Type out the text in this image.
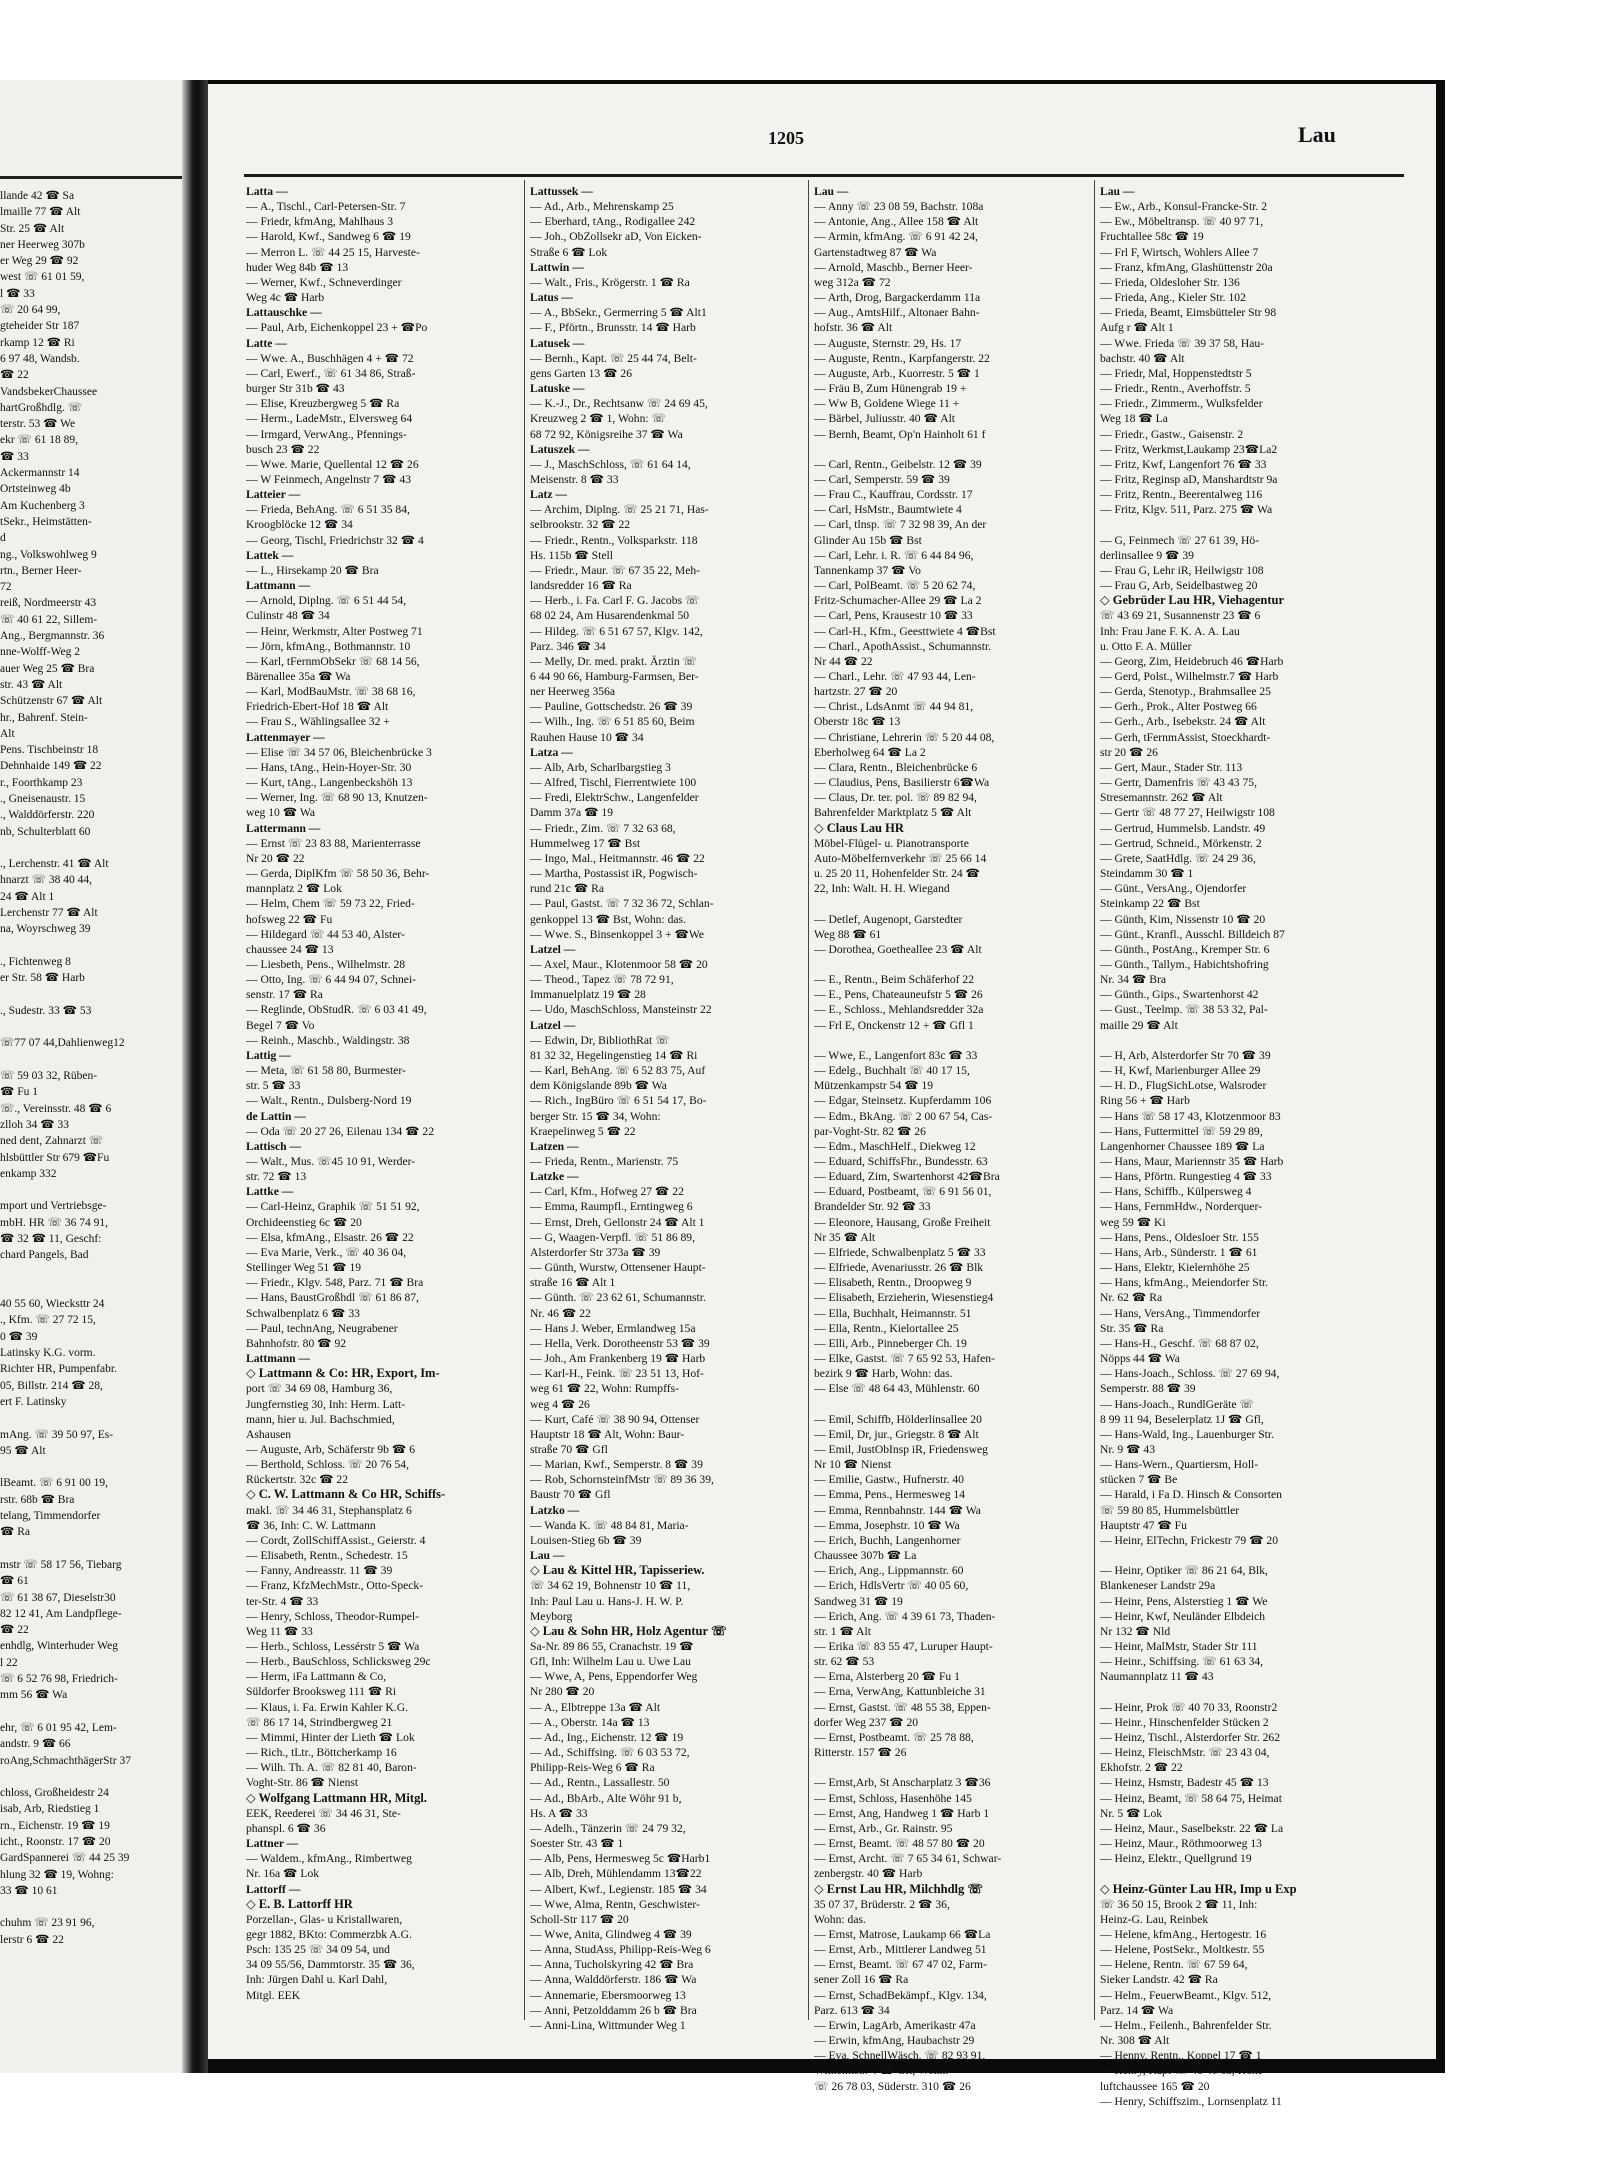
llande 42 ☎ Sa
lmaille 77 ☎ Alt
Str. 25 ☎ Alt
ner Heerweg 307b
er Weg 29 ☎ 92
west ☏ 61 01 59,
l ☎ 33
☏ 20 64 99,
gteheider Str 187
rkamp 12 ☎ Ri
6 97 48, Wandsb.
☎ 22
VandsbekerChaussee
hartGroßhdlg. ☏
terstr. 53 ☎ We
ekr ☏ 61 18 89,
☎ 33
Ackermannstr 14
Ortsteinweg 4b
Am Kuchenberg 3
tSekr., Heimstätten-
d
ng., Volkswohlweg 9
rtn., Berner Heer-
72
reiß, Nordmeerstr 43
☏ 40 61 22, Sillem-
Ang., Bergmannstr. 36
nne-Wolff-Weg 2
auer Weg 25 ☎ Bra
str. 43 ☎ Alt
Schützenstr 67 ☎ Alt
hr., Bahrenf. Stein-
Alt
Pens. Tischbeinstr 18
Dehnhaide 149 ☎ 22
r., Foorthkamp 23
., Gneisenaustr. 15
., Walddörferstr. 220
nb, Schulterblatt 60

., Lerchenstr. 41 ☎ Alt
hnarzt ☏ 38 40 44,
24 ☎ Alt 1
Lerchenstr 77 ☎ Alt
na, Woyrschweg 39

., Fichtenweg 8
er Str. 58 ☎ Harb

., Sudestr. 33 ☎ 53

☏77 07 44,Dahlienweg12

☏ 59 03 32, Rüben-
☎ Fu 1
☏., Vereinsstr. 48 ☎ 6
zlloh 34 ☎ 33
ned dent, Zahnarzt ☏
hlsbüttler Str 679 ☎Fu
enkamp 332

mport und Vertriebsge-
mbH. HR ☏ 36 74 91,
☎ 32 ☎ 11, Geschf:
chard Pangels, Bad

40 55 60, Wiecksttr 24
., Kfm. ☏ 27 72 15,
0 ☎ 39
Latinsky K.G. vorm.
Richter HR, Pumpenfabr.
05, Billstr. 214 ☎ 28,
ert F. Latinsky

mAng. ☏ 39 50 97, Es-
95 ☎ Alt

lBeamt. ☏ 6 91 00 19,
rstr. 68b ☎ Bra
telang, Timmendorfer
☎ Ra

mstr ☏ 58 17 56, Tiebarg
☎ 61
☏ 61 38 67, Dieselstr30
82 12 41, Am Landpflege-
☎ 22
enhdlg, Winterhuder Weg
l 22
☏ 6 52 76 98, Friedrich-
mm 56 ☎ Wa

ehr, ☏ 6 01 95 42, Lem-
andstr. 9 ☎ 66
roAng,SchmachthägerStr 37

chloss, Großheidestr 24
isab, Arb, Riedstieg 1
rn., Eichenstr. 19 ☎ 19
icht., Roonstr. 17 ☎ 20
GardSpannerei ☏ 44 25 39
hlung 32 ☎ 19, Wohng:
33 ☎ 10 61

chuhm ☏ 23 91 96,
lerstr 6 ☎ 22
1205	Lau
Latta —
— A., Tischl., Carl-Petersen-Str. 7
— Friedr, kfmAng, Mahlhaus 3
— Harold, Kwf., Sandweg 6 ☎ 19
— Merron L. ☏ 44 25 15, Harveste-
huder Weg 84b ☎ 13
— Werner, Kwf., Schneverdinger
Weg 4c ☎ Harb
Lattauschke —
— Paul, Arb, Eichenkoppel 23 + ☎Po
Latte —
— Wwe. A., Buschhägen 4 + ☎ 72
— Carl, Ewerf., ☏ 61 34 86, Straß-
burger Str 31b ☎ 43
— Elise, Kreuzbergweg 5 ☎ Ra
— Herm., LadeMstr., Elversweg 64
— Irmgard, VerwAng., Pfennings-
busch 23 ☎ 22
— Wwe. Marie, Quellental 12 ☎ 26
— W Feinmech, Angelnstr 7 ☎ 43
Latteier —
— Frieda, BehAng. ☏ 6 51 35 84,
Kroogblöcke 12 ☎ 34
— Georg, Tischl, Friedrichstr 32 ☎ 4
Lattek —
— L., Hirsekamp 20 ☎ Bra
Lattmann —
— Arnold, Diplng. ☏ 6 51 44 54,
Culinstr 48 ☎ 34
— Heinr, Werkmstr, Alter Postweg 71
— Jörn, kfmAng., Bothmannstr. 10
— Karl, tFernmObSekr ☏ 68 14 56,
Bärenallee 35a ☎ Wa
— Karl, ModBauMstr. ☏ 38 68 16,
Friedrich-Ebert-Hof 18 ☎ Alt
— Frau S., Wählingsallee 32 +
Lattenmayer —
— Elise ☏ 34 57 06, Bleichenbrücke 3
— Hans, tAng., Hein-Hoyer-Str. 30
— Kurt, tAng., Langenbeckshöh 13
— Werner, Ing. ☏ 68 90 13, Knutzen-
weg 10 ☎ Wa
Lattermann —
— Ernst ☏ 23 83 88, Marienterrasse
Nr 20 ☎ 22
— Gerda, DiplKfm ☏ 58 50 36, Behr-
mannplatz 2 ☎ Lok
— Helm, Chem ☏ 59 73 22, Fried-
hofsweg 22 ☎ Fu
— Hildegard ☏ 44 53 40, Alster-
chaussee 24 ☎ 13
— Liesbeth, Pens., Wilhelmstr. 28
— Otto, Ing. ☏ 6 44 94 07, Schnei-
senstr. 17 ☎ Ra
— Reglinde, ObStudR. ☏ 6 03 41 49,
Begel 7 ☎ Vo
— Reinh., Maschb., Waldingstr. 38
Lattig —
— Meta, ☏ 61 58 80, Burmester-
str. 5 ☎ 33
— Walt., Rentn., Dulsberg-Nord 19
de Lattin —
— Oda ☏ 20 27 26, Eilenau 134 ☎ 22
Lattisch —
— Walt., Mus. ☏45 10 91, Werder-
str. 72 ☎ 13
Lattke —
— Carl-Heinz, Graphik ☏ 51 51 92,
Orchideenstieg 6c ☎ 20
— Elsa, kfmAng., Elsastr. 26 ☎ 22
— Eva Marie, Verk., ☏ 40 36 04,
Stellinger Weg 51 ☎ 19
— Friedr., Klgv. 548, Parz. 71 ☎ Bra
— Hans, BaustGroßhdl ☏ 61 86 87,
Schwalbenplatz 6 ☎ 33
— Paul, technAng, Neugrabener
Bahnhofstr. 80 ☎ 92
Lattmann —
◇ Lattmann & Co: HR, Export, Im-
port ☏ 34 69 08, Hamburg 36,
Jungfernstieg 30, Inh: Herm. Latt-
mann, hier u. Jul. Bachschmied,
Ashausen
— Auguste, Arb, Schäferstr 9b ☎ 6
— Berthold, Schloss. ☏ 20 76 54,
Rückertstr. 32c ☎ 22
◇ C. W. Lattmann & Co HR, Schiffs-
makl. ☏ 34 46 31, Stephansplatz 6
☎ 36, Inh: C. W. Lattmann
— Cordt, ZollSchiffAssist., Geierstr. 4
— Elisabeth, Rentn., Schedestr. 15
— Fanny, Andreasstr. 11 ☎ 39
— Franz, KfzMechMstr., Otto-Speck-
ter-Str. 4 ☎ 33
— Henry, Schloss, Theodor-Rumpel-
Weg 11 ☎ 33
— Herb., Schloss, Lessérstr 5 ☎ Wa
— Herb., BauSchloss, Schlicksweg 29c
— Herm, iFa Lattmann & Co,
Süldorfer Brooksweg 111 ☎ Ri
— Klaus, i. Fa. Erwin Kahler K.G.
☏ 86 17 14, Strindbergweg 21
— Mimmi, Hinter der Lieth ☎ Lok
— Rich., tLtr., Böttcherkamp 16
— Wilh. Th. A. ☏ 82 81 40, Baron-
Voght-Str. 86 ☎ Nienst
◇ Wolfgang Lattmann HR, Mitgl.
EEK, Reederei ☏ 34 46 31, Ste-
phanspl. 6 ☎ 36
Lattner —
— Waldem., kfmAng., Rimbertweg
Nr. 16a ☎ Lok
Lattorff —
◇ E. B. Lattorff HR
Porzellan-, Glas- u Kristallwaren,
gegr 1882, BKto: Commerzbk A.G.
Psch: 135 25 ☏ 34 09 54, und
34 09 55/56, Dammtorstr. 35 ☎ 36,
Inh: Jürgen Dahl u. Karl Dahl,
Mitgl. EEK
Lattussek —
— Ad., Arb., Mehrenskamp 25
— Eberhard, tAng., Rodigallee 242
— Joh., ObZollsekr aD, Von Eicken-
Straße 6 ☎ Lok
Lattwin —
— Walt., Fris., Krögerstr. 1 ☎ Ra
Latus —
— A., BbSekr., Germerring 5 ☎ Alt1
— F., Pförtn., Brunsstr. 14 ☎ Harb
Latusek —
— Bernh., Kapt. ☏ 25 44 74, Belt-
gens Garten 13 ☎ 26
Latuske —
— K.-J., Dr., Rechtsanw ☏ 24 69 45,
Kreuzweg 2 ☎ 1, Wohn: ☏
68 72 92, Königsreihe 37 ☎ Wa
Latuszek —
— J., MaschSchloss, ☏ 61 64 14,
Meisenstr. 8 ☎ 33
Latz —
— Archim, Diplng. ☏ 25 21 71, Has-
selbrookstr. 32 ☎ 22
— Friedr., Rentn., Volksparkstr. 118
Hs. 115b ☎ Stell
— Friedr., Maur. ☏ 67 35 22, Meh-
landsredder 16 ☎ Ra
— Herb., i. Fa. Carl F. G. Jacobs ☏
68 02 24, Am Husarendenkmal 50
— Hildeg. ☏ 6 51 67 57, Klgv. 142,
Parz. 346 ☎ 34
— Melly, Dr. med. prakt. Ärztin ☏
6 44 90 66, Hamburg-Farmsen, Ber-
ner Heerweg 356a
— Pauline, Gottschedstr. 26 ☎ 39
— Wilh., Ing. ☏ 6 51 85 60, Beim
Rauhen Hause 10 ☎ 34
Latza —
— Alb, Arb, Scharlbargstieg 3
— Alfred, Tischl, Fierrentwiete 100
— Fredi, ElektrSchw., Langenfelder
Damm 37a ☎ 19
— Friedr., Zim. ☏ 7 32 63 68,
Hummelweg 17 ☎ Bst
— Ingo, Mal., Heitmannstr. 46 ☎ 22
— Martha, Postassist iR, Pogwisch-
rund 21c ☎ Ra
— Paul, Gastst. ☏ 7 32 36 72, Schlan-
genkoppel 13 ☎ Bst, Wohn: das.
— Wwe. S., Binsenkoppel 3 + ☎We
Latzel —
— Axel, Maur., Klotenmoor 58 ☎ 20
— Theod., Tapez ☏ 78 72 91,
Immanuelplatz 19 ☎ 28
— Udo, MaschSchloss, Mansteinstr 22
Latzel —
— Edwin, Dr, BibliothRat ☏
81 32 32, Hegelingenstieg 14 ☎ Ri
— Karl, BehAng. ☏ 6 52 83 75, Auf
dem Königslande 89b ☎ Wa
— Rich., IngBüro ☏ 6 51 54 17, Bo-
berger Str. 15 ☎ 34, Wohn:
Kraepelinweg 5 ☎ 22
Latzen —
— Frieda, Rentn., Marienstr. 75
Latzke —
— Carl, Kfm., Hofweg 27 ☎ 22
— Emma, Raumpfl., Erntingweg 6
— Ernst, Dreh, Gellonstr 24 ☎ Alt 1
— G, Waagen-Verpfl. ☏ 51 86 89,
Alsterdorfer Str 373a ☎ 39
— Günth, Wurstw, Ottensener Haupt-
straße 16 ☎ Alt 1
— Günth. ☏ 23 62 61, Schumannstr.
Nr. 46 ☎ 22
— Hans J. Weber, Ermlandweg 15a
— Hella, Verk. Dorotheenstr 53 ☎ 39
— Joh., Am Frankenberg 19 ☎ Harb
— Karl-H., Feink. ☏ 23 51 13, Hof-
weg 61 ☎ 22, Wohn: Rumpffs-
weg 4 ☎ 26
— Kurt, Café ☏ 38 90 94, Ottenser
Hauptstr 18 ☎ Alt, Wohn: Baur-
straße 70 ☎ Gfl
— Marian, Kwf., Semperstr. 8 ☎ 39
— Rob, SchornsteinfMstr ☏ 89 36 39,
Baustr 70 ☎ Gfl
Latzko —
— Wanda K. ☏ 48 84 81, Maria-
Louisen-Stieg 6b ☎ 39
Lau —
◇ Lau & Kittel HR, Tapisseriew.
☏ 34 62 19, Bohnenstr 10 ☎ 11,
Inh: Paul Lau u. Hans-J. H. W. P.
Meyborg
◇ Lau & Sohn HR, Holz Agentur ☏
Sa-Nr. 89 86 55, Cranachstr. 19 ☎
Gfl, Inh: Wilhelm Lau u. Uwe Lau
— Wwe, A, Pens, Eppendorfer Weg
Nr 280 ☎ 20
— A., Elbtreppe 13a ☎ Alt
— A., Oberstr. 14a ☎ 13
— Ad., Ing., Eichenstr. 12 ☎ 19
— Ad., Schiffsing. ☏ 6 03 53 72,
Philipp-Reis-Weg 6 ☎ Ra
— Ad., Rentn., Lassallestr. 50
— Ad., BbArb., Alte Wöhr 91 b,
Hs. A ☎ 33
— Adelh., Tänzerin ☏ 24 79 32,
Soester Str. 43 ☎ 1
— Alb, Pens, Hermesweg 5c ☎Harb1
— Alb, Dreh, Mühlendamm 13☎22
— Albert, Kwf., Legienstr. 185 ☎ 34
— Wwe, Alma, Rentn, Geschwister-
Scholl-Str 117 ☎ 20
— Wwe, Anita, Glindweg 4 ☎ 39
— Anna, StudAss, Philipp-Reis-Weg 6
— Anna, Tucholskyring 42 ☎ Bra
— Anna, Walddörferstr. 186 ☎ Wa
— Annemarie, Ebersmoorweg 13
— Anni, Petzolddamm 26 b ☎ Bra
— Anni-Lina, Wittmunder Weg 1
Lau —
— Anny ☏ 23 08 59, Bachstr. 108a
— Antonie, Ang., Allee 158 ☎ Alt
— Armin, kfmAng. ☏ 6 91 42 24,
Gartenstadtweg 87 ☎ Wa
— Arnold, Maschb., Berner Heer-
weg 312a ☎ 72
— Arth, Drog, Bargackerdamm 11a
— Aug., AmtsHilf., Altonaer Bahn-
hofstr. 36 ☎ Alt
— Auguste, Sternstr. 29, Hs. 17
— Auguste, Rentn., Karpfangerstr. 22
— Auguste, Arb., Kuorrestr. 5 ☎ 1
— Fräu B, Zum Hünengrab 19 +
— Ww B, Goldene Wiege 11 +
— Bärbel, Juliusstr. 40 ☎ Alt
— Bernh, Beamt, Op'n Hainholt 61 f

— Carl, Rentn., Geibelstr. 12 ☎ 39
— Carl, Semperstr. 59 ☎ 39
— Frau C., Kauffrau, Cordsstr. 17
— Carl, HsMstr., Baumtwiete 4
— Carl, tlnsp. ☏ 7 32 98 39, An der
Glinder Au 15b ☎ Bst
— Carl, Lehr. i. R. ☏ 6 44 84 96,
Tannenkamp 37 ☎ Vo
— Carl, PolBeamt. ☏ 5 20 62 74,
Fritz-Schumacher-Allee 29 ☎ La 2
— Carl, Pens, Krausestr 10 ☎ 33
— Carl-H., Kfm., Geesttwiete 4 ☎Bst
— Charl., ApothAssist., Schumannstr.
Nr 44 ☎ 22
— Charl., Lehr. ☏ 47 93 44, Len-
hartzstr. 27 ☎ 20
— Christ., LdsAnmt ☏ 44 94 81,
Oberstr 18c ☎ 13
— Christiane, Lehrerin ☏ 5 20 44 08,
Eberholweg 64 ☎ La 2
— Clara, Rentn., Bleichenbrücke 6
— Claudius, Pens, Basilierstr 6☎Wa
— Claus, Dr. ter. pol. ☏ 89 82 94,
Bahrenfelder Marktplatz 5 ☎ Alt
◇ Claus Lau HR
Möbel-Flügel- u. Pianotransporte
Auto-Möbelfernverkehr ☏ 25 66 14
u. 25 20 11, Hohenfelder Str. 24 ☎
22, Inh: Walt. H. H. Wiegand

— Detlef, Augenopt, Garstedter
Weg 88 ☎ 61
— Dorothea, Goetheallee 23 ☎ Alt

— E., Rentn., Beim Schäferhof 22
— E., Pens, Chateauneufstr 5 ☎ 26
— E., Schloss., Mehlandsredder 32a
— Frl E, Onckenstr 12 + ☎ Gfl 1

— Wwe, E., Langenfort 83c ☎ 33
— Edelg., Buchhalt ☏ 40 17 15,
Mützenkampstr 54 ☎ 19
— Edgar, Steinsetz. Kupferdamm 106
— Edm., BkAng. ☏ 2 00 67 54, Cas-
par-Voght-Str. 82 ☎ 26
— Edm., MaschHelf., Diekweg 12
— Eduard, SchiffsFhr., Bundesstr. 63
— Eduard, Zim, Swartenhorst 42☎Bra
— Eduard, Postbeamt, ☏ 6 91 56 01,
Brandelder Str. 92 ☎ 33
— Eleonore, Hausang, Große Freiheit
Nr 35 ☎ Alt
— Elfriede, Schwalbenplatz 5 ☎ 33
— Elfriede, Avenariusstr. 26 ☎ Blk
— Elisabeth, Rentn., Droopweg 9
— Elisabeth, Erzieherin, Wiesenstieg4
— Ella, Buchhalt, Heimannstr. 51
— Ella, Rentn., Kielortallee 25
— Elli, Arb., Pinneberger Ch. 19
— Elke, Gastst. ☏ 7 65 92 53, Hafen-
bezirk 9 ☎ Harb, Wohn: das.
— Else ☏ 48 64 43, Mühlenstr. 60

— Emil, Schiffb, Hölderlinsallee 20
— Emil, Dr, jur., Griegstr. 8 ☎ Alt
— Emil, JustObInsp iR, Friedensweg
Nr 10 ☎ Nienst
— Emilie, Gastw., Hufnerstr. 40
— Emma, Pens., Hermesweg 14
— Emma, Rennbahnstr. 144 ☎ Wa
— Emma, Josephstr. 10 ☎ Wa
— Erich, Buchh, Langenhorner
Chaussee 307b ☎ La
— Erich, Ang., Lippmannstr. 60
— Erich, HdlsVertr ☏ 40 05 60,
Sandweg 31 ☎ 19
— Erich, Ang. ☏ 4 39 61 73, Thaden-
str. 1 ☎ Alt
— Erika ☏ 83 55 47, Luruper Haupt-
str. 62 ☎ 53
— Erna, Alsterberg 20 ☎ Fu 1
— Erna, VerwAng, Kattunbleiche 31
— Ernst, Gastst. ☏ 48 55 38, Eppen-
dorfer Weg 237 ☎ 20
— Ernst, Postbeamt. ☏ 25 78 88,
Ritterstr. 157 ☎ 26

— Ernst,Arb, St Anscharplatz 3 ☎36
— Ernst, Schloss, Hasenhöhe 145
— Ernst, Ang, Handweg 1 ☎ Harb 1
— Ernst, Arb., Gr. Rainstr. 95
— Ernst, Beamt. ☏ 48 57 80 ☎ 20
— Ernst, Archt. ☏ 7 65 34 61, Schwar-
zenbergstr. 40 ☎ Harb
◇ Ernst Lau HR, Milchhdlg ☏
35 07 37, Brüderstr. 2 ☎ 36,
Wohn: das.
— Ernst, Matrose, Laukamp 66 ☎La
— Ernst, Arb., Mittlerer Landweg 51
— Ernst, Beamt. ☏ 67 47 02, Farm-
sener Zoll 16 ☎ Ra
— Ernst, SchadBekämpf., Klgv. 134,
Parz. 613 ☎ 34
— Erwin, LagArb, Amerikastr 47a
— Erwin, kfmAng, Haubachstr 29
— Eva, SchnellWäsch. ☏ 82 93 91,
Wilhelmstr. 4 ☎ Gfl, Wohn:
☏ 26 78 03, Süderstr. 310 ☎ 26
Lau —
— Ew., Arb., Konsul-Francke-Str. 2
— Ew., Möbeltransp. ☏ 40 97 71,
Fruchtallee 58c ☎ 19
— Frl F, Wirtsch, Wohlers Allee 7
— Franz, kfmAng, Glashüttenstr 20a
— Frieda, Oldesloher Str. 136
— Frieda, Ang., Kieler Str. 102
— Frieda, Beamt, Eimsbütteler Str 98
Aufg r ☎ Alt 1
— Wwe. Frieda ☏ 39 37 58, Hau-
bachstr. 40 ☎ Alt
— Friedr, Mal, Hoppenstedtstr 5
— Friedr., Rentn., Averhoffstr. 5
— Friedr., Zimmerm., Wulksfelder
Weg 18 ☎ La
— Friedr., Gastw., Gaisenstr. 2
— Fritz, Werkmst,Laukamp 23☎La2
— Fritz, Kwf, Langenfort 76 ☎ 33
— Fritz, Reginsp aD, Manshardtstr 9a
— Fritz, Rentn., Beerentalweg 116
— Fritz, Klgv. 511, Parz. 275 ☎ Wa

— G, Feinmech ☏ 27 61 39, Hö-
derlinsallee 9 ☎ 39
— Frau G, Lehr iR, Heilwigstr 108
— Frau G, Arb, Seidelbastweg 20
◇ Gebrüder Lau HR, Viehagentur
☏ 43 69 21, Susannenstr 23 ☎ 6
Inh: Frau Jane F. K. A. A. Lau
u. Otto F. A. Müller
— Georg, Zim, Heidebruch 46 ☎Harb
— Gerd, Polst., Wilhelmstr.7 ☎ Harb
— Gerda, Stenotyp., Brahmsallee 25
— Gerh., Prok., Alter Postweg 66
— Gerh., Arb., Isebekstr. 24 ☎ Alt
— Gerh, tFernmAssist, Stoeckhardt-
str 20 ☎ 26
— Gert, Maur., Stader Str. 113
— Gertr, Damenfris ☏ 43 43 75,
Stresemannstr. 262 ☎ Alt
— Gertr ☏ 48 77 27, Heilwigstr 108
— Gertrud, Hummelsb. Landstr. 49
— Gertrud, Schneid., Mörkenstr. 2
— Grete, SaatHdlg. ☏ 24 29 36,
Steindamm 30 ☎ 1
— Günt., VersAng., Ojendorfer
Steinkamp 22 ☎ Bst
— Günth, Kim, Nissenstr 10 ☎ 20
— Günt., Kranfl., Ausschl. Billdeich 87
— Günth., PostAng., Kremper Str. 6
— Günth., Tallym., Habichtshofring
Nr. 34 ☎ Bra
— Günth., Gips., Swartenhorst 42
— Gust., Teelmp. ☏ 38 53 32, Pal-
maille 29 ☎ Alt

— H, Arb, Alsterdorfer Str 70 ☎ 39
— H, Kwf, Marienburger Allee 29
— H. D., FlugSichLotse, Walsroder
Ring 56 + ☎ Harb
— Hans ☏ 58 17 43, Klotzenmoor 83
— Hans, Futtermittel ☏ 59 29 89,
Langenhorner Chaussee 189 ☎ La
— Hans, Maur, Mariennstr 35 ☎ Harb
— Hans, Pförtn. Rungestieg 4 ☎ 33
— Hans, Schiffb., Külpersweg 4
— Hans, FernmHdw., Norderquer-
weg 59 ☎ Ki
— Hans, Pens., Oldesloer Str. 155
— Hans, Arb., Sünderstr. 1 ☎ 61
— Hans, Elektr, Kielernhöhe 25
— Hans, kfmAng., Meiendorfer Str.
Nr. 62 ☎ Ra
— Hans, VersAng., Timmendorfer
Str. 35 ☎ Ra
— Hans-H., Geschf. ☏ 68 87 02,
Nöpps 44 ☎ Wa
— Hans-Joach., Schloss. ☏ 27 69 94,
Semperstr. 88 ☎ 39
— Hans-Joach., RundlGeräte ☏
8 99 11 94, Beselerplatz 1J ☎ Gfl,
— Hans-Wald, Ing., Lauenburger Str.
Nr. 9 ☎ 43
— Hans-Wern., Quartiersm, Holl-
stücken 7 ☎ Be
— Harald, i Fa D. Hinsch & Consorten
☏ 59 80 85, Hummelsbüttler
Hauptstr 47 ☎ Fu
— Heinr, ElTechn, Frickestr 79 ☎ 20

— Heinr, Optiker ☏ 86 21 64, Blk,
Blankeneser Landstr 29a
— Heinr, Pens, Alsterstieg 1 ☎ We
— Heinr, Kwf, Neuländer Elbdeich
Nr 132 ☎ Nld
— Heinr, MalMstr, Stader Str 111
— Heinr., Schiffsing. ☏ 61 63 34,
Naumannplatz 11 ☎ 43

— Heinr, Prok ☏ 40 70 33, Roonstr2
— Heinr., Hinschenfelder Stücken 2
— Heinz, Tischl., Alsterdorfer Str. 262
— Heinz, FleischMstr. ☏ 23 43 04,
Ekhofstr. 2 ☎ 22
— Heinz, Hsmstr, Badestr 45 ☎ 13
— Heinz, Beamt, ☏ 58 64 75, Heimat
Nr. 5 ☎ Lok
— Heinz, Maur., Saselbekstr. 22 ☎ La
— Heinz, Maur., Röthmoorweg 13
— Heinz, Elektr., Quellgrund 19

◇ Heinz-Günter Lau HR, Imp u Exp
☏ 36 50 15, Brook 2 ☎ 11, Inh:
Heinz-G. Lau, Reinbek
— Helene, kfmAng., Hertogestr. 16
— Helene, PostSekr., Moltkestr. 55
— Helene, Rentn. ☏ 67 59 64,
Sieker Landstr. 42 ☎ Ra
— Helm., FeuerwBeamt., Klgv. 512,
Parz. 14 ☎ Wa
— Helm., Feilenh., Bahrenfelder Str.
Nr. 308 ☎ Alt
— Henny, Rentn., Koppel 17 ☎ 1
— Henry, Kapt ☏ 48 46 63, Hohe-
luftchaussee 165 ☎ 20
— Henry, Schiffszim., Lornsenplatz 11
